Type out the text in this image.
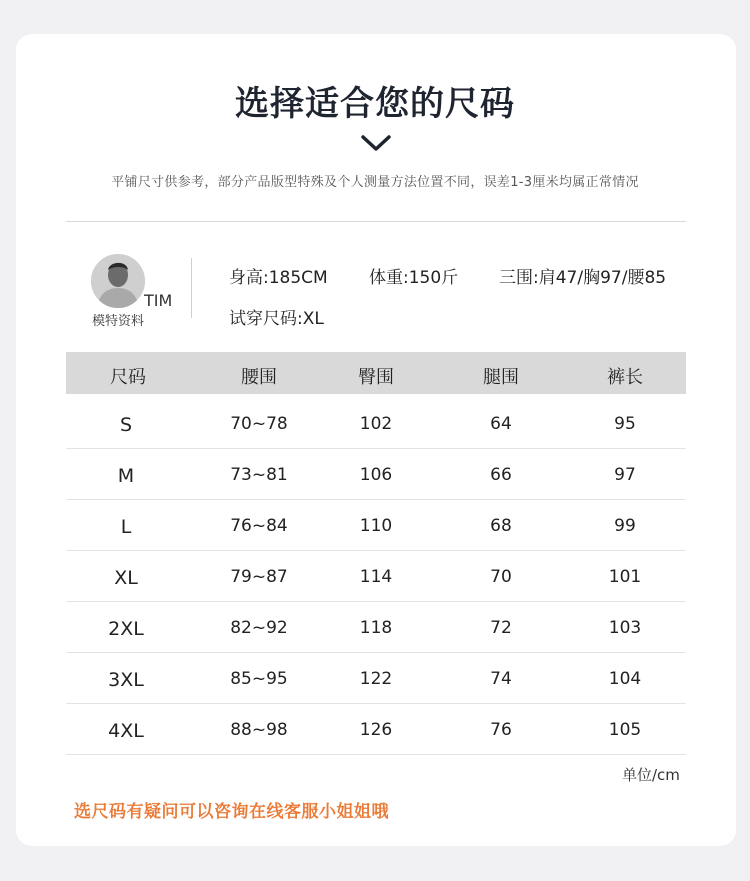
选择适合您的尺码
平铺尺寸供参考，部分产品版型特殊及个人测量方法位置不同，误差1-3厘米均属正常情况
TIM
模特资料
身高:185CM 体重:150斤 三围:肩47/胸97/腰85
试穿尺码:XL
尺码	腰围	臀围	腿围	裤长
S	70~78	102	64	95
M	73~81	106	66	97
L	76~84	110	68	99
XL	79~87	114	70	101
2XL	82~92	118	72	103
3XL	85~95	122	74	104
4XL	88~98	126	76	105
单位/cm
选尺码有疑问可以咨询在线客服小姐姐哦
